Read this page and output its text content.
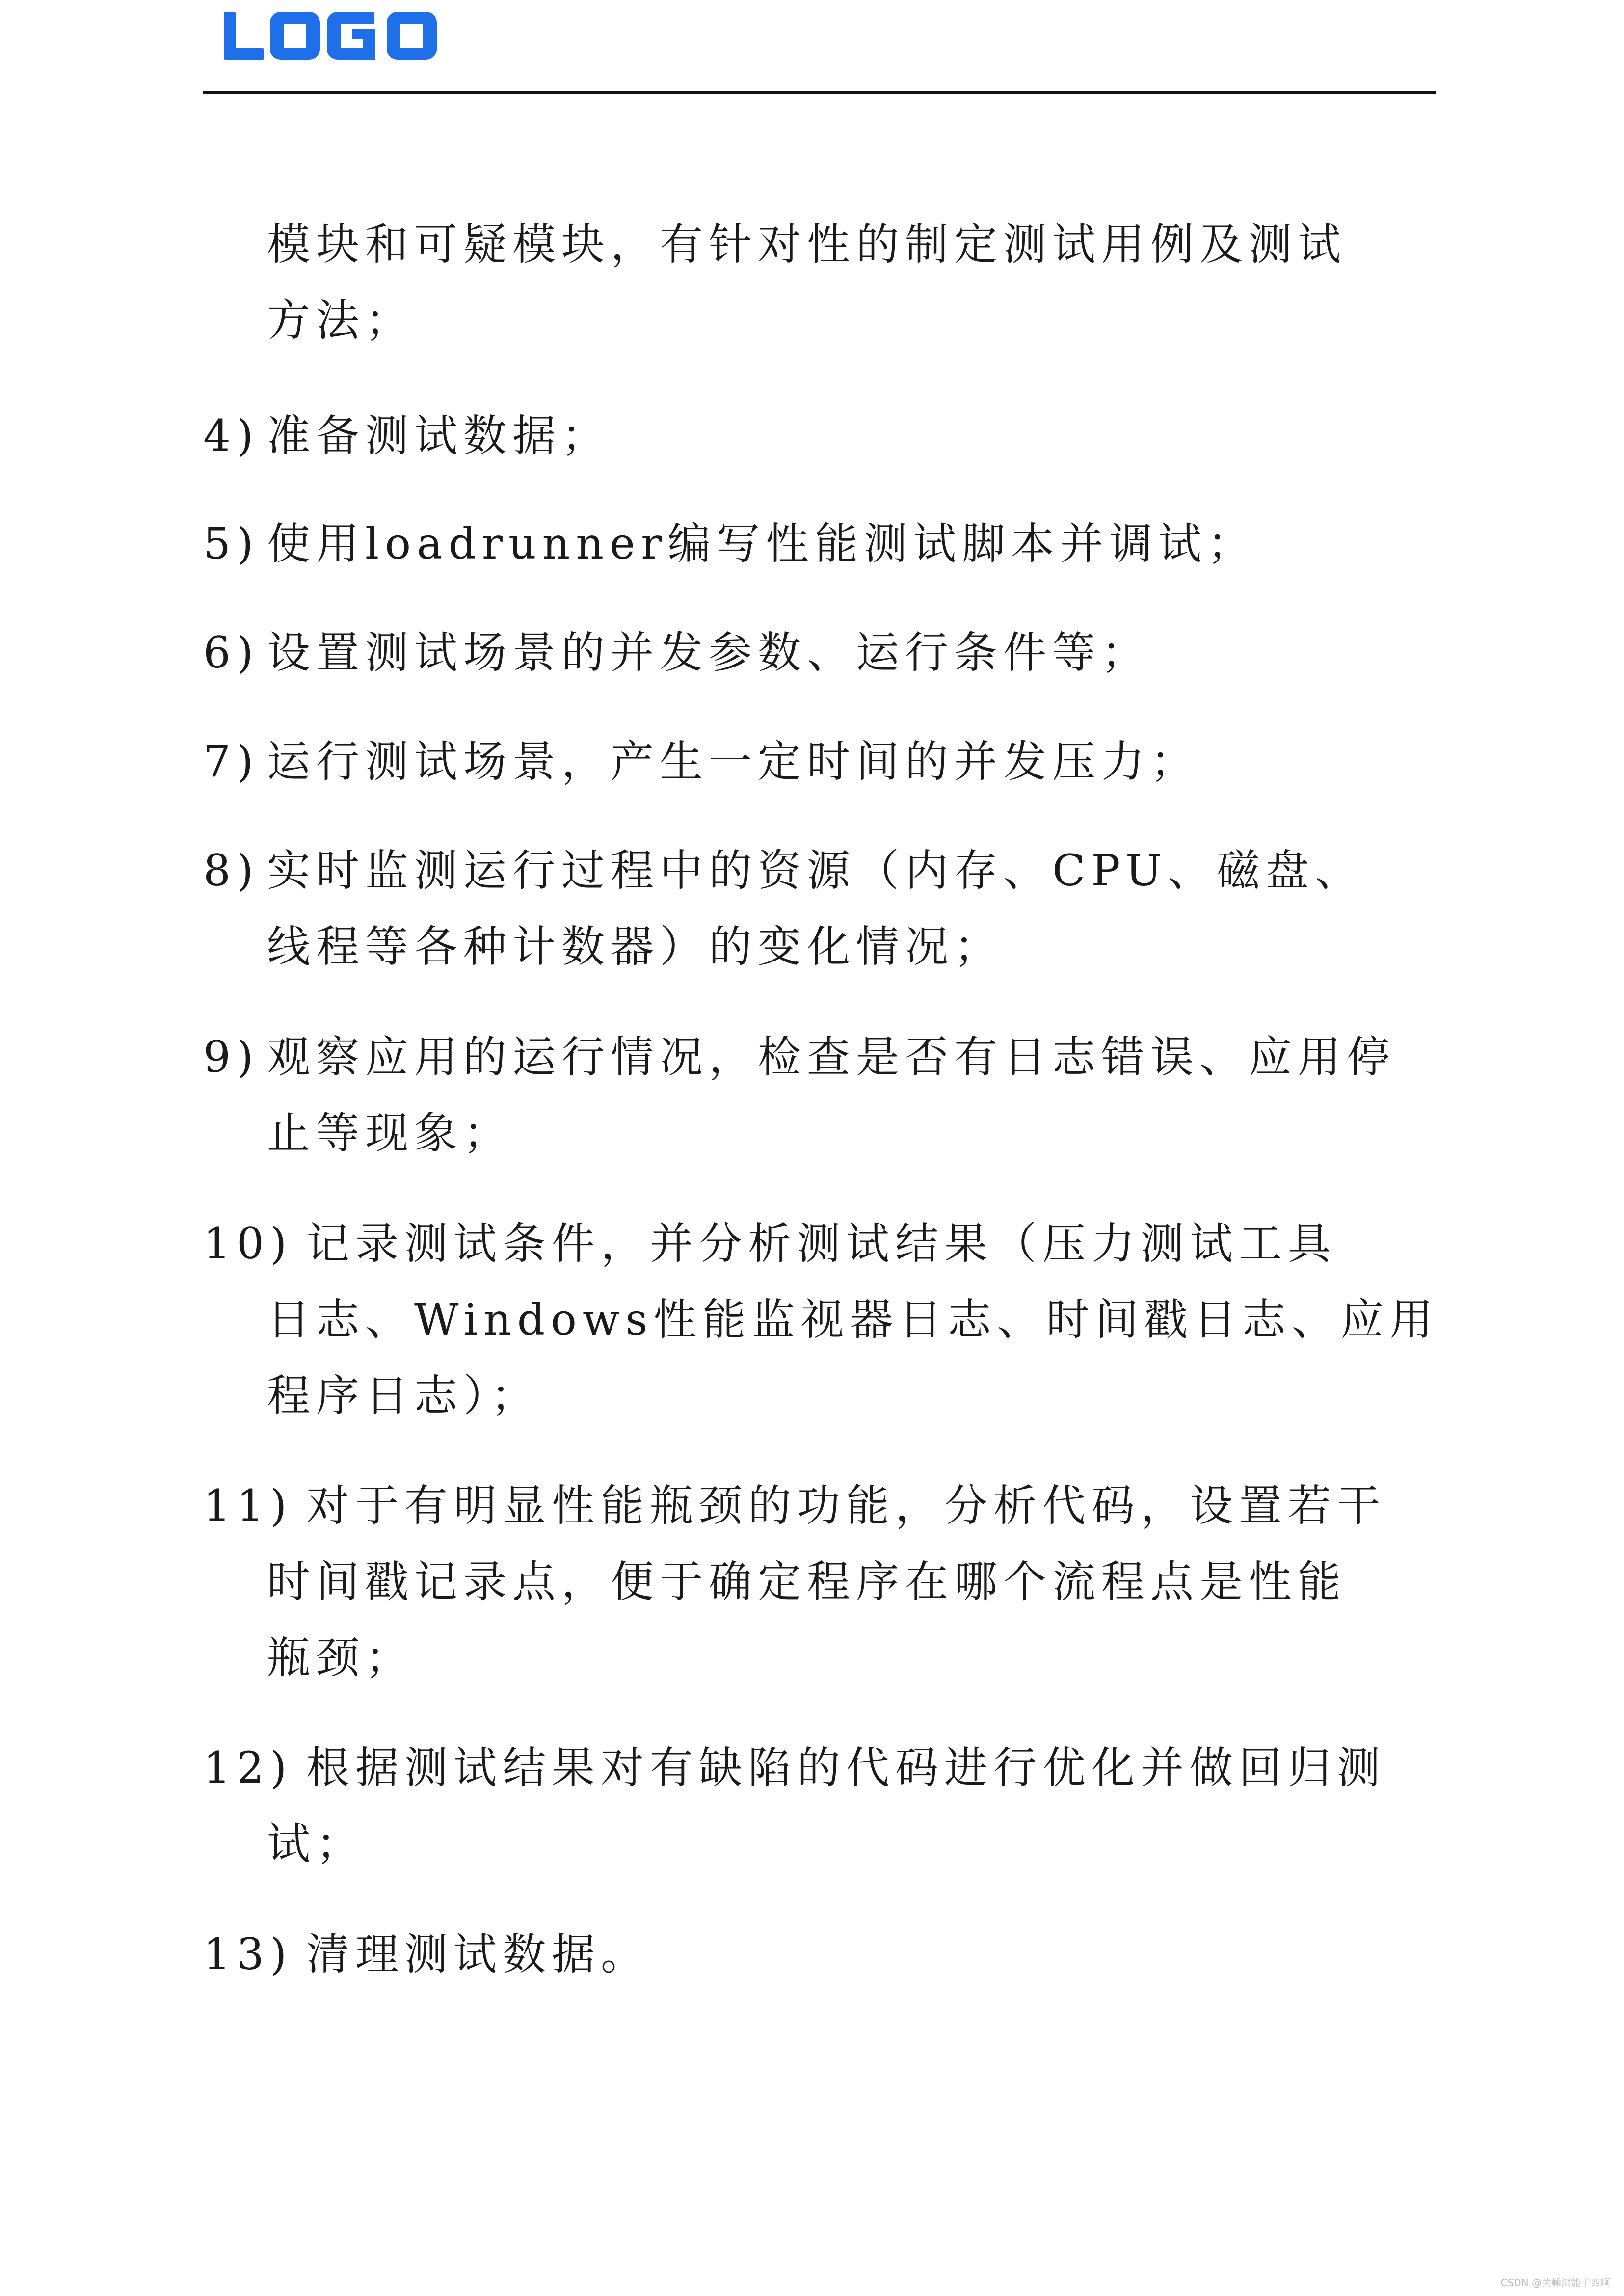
模块和可疑模块，有针对性的制定测试用例及测试
方法；
4) 准备测试数据；
5) 使用loadrunner编写性能测试脚本并调试；
6) 设置测试场景的并发参数、运行条件等；
7) 运行测试场景，产生一定时间的并发压力；
8) 实时监测运行过程中的资源（内存、CPU、磁盘、
线程等各种计数器）的变化情况；
9) 观察应用的运行情况，检查是否有日志错误、应用停
止等现象；
10) 记录测试条件，并分析测试结果（压力测试工具
日志、Windows性能监视器日志、时间戳日志、应用
程序日志）；
11) 对于有明显性能瓶颈的功能，分析代码，设置若干
时间戳记录点，便于确定程序在哪个流程点是性能
瓶颈；
12) 根据测试结果对有缺陷的代码进行优化并做回归测
试；
13) 清理测试数据。
CSDN @黄嵊鸿能干四啊
